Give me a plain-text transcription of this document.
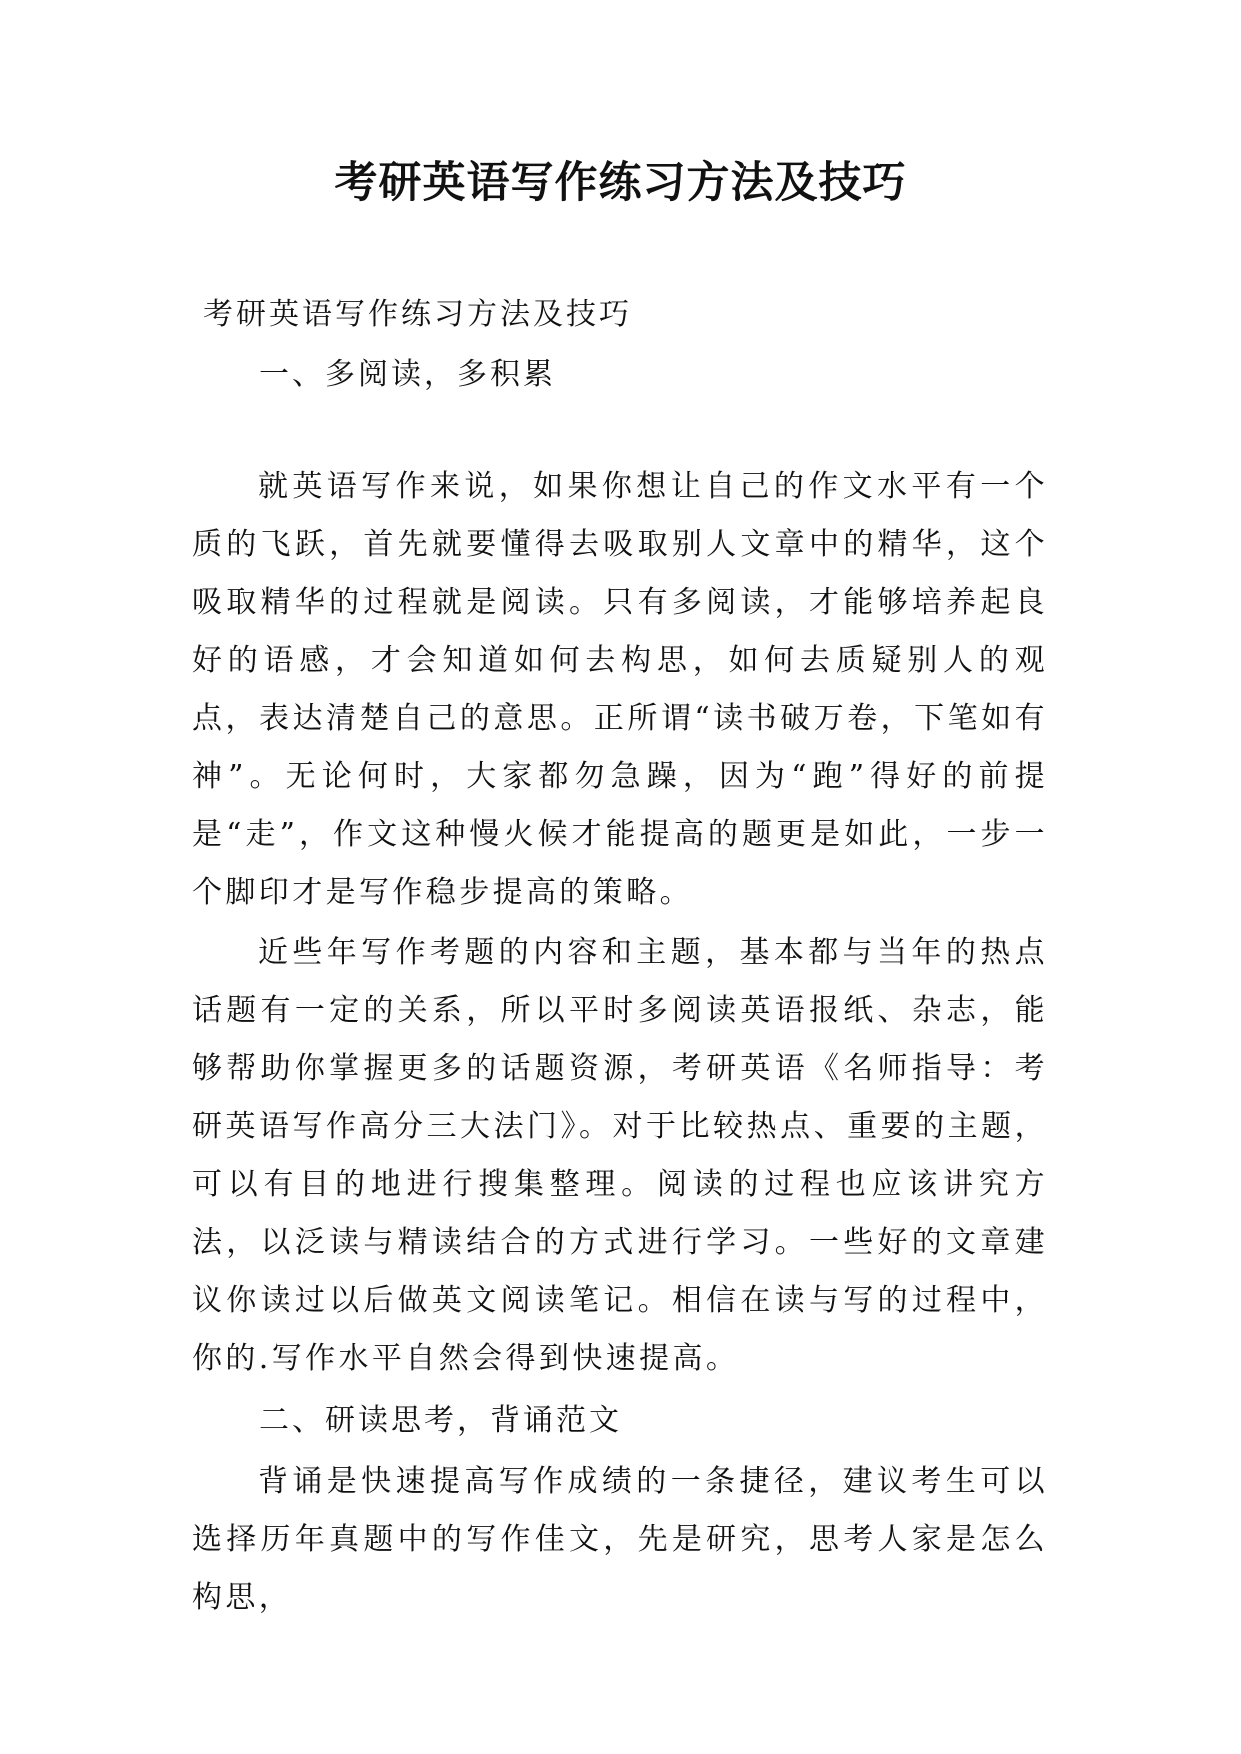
考研英语写作练习方法及技巧
考研英语写作练习方法及技巧
一、多阅读，多积累
就英语写作来说，如果你想让自己的作文水平有一个质的飞跃，首先就要懂得去吸取别人文章中的精华，这个吸取精华的过程就是阅读。只有多阅读，才能够培养起良好的语感，才会知道如何去构思，如何去质疑别人的观点，表达清楚自己的意思。正所谓“读书破万卷，下笔如有神”。无论何时，大家都勿急躁，因为“跑”得好的前提是“走”，作文这种慢火候才能提高的题更是如此，一步一个脚印才是写作稳步提高的策略。
近些年写作考题的内容和主题，基本都与当年的热点话题有一定的关系，所以平时多阅读英语报纸、杂志，能够帮助你掌握更多的话题资源，考研英语《名师指导：考研英语写作高分三大法门》。对于比较热点、重要的主题，可以有目的地进行搜集整理。阅读的过程也应该讲究方法，以泛读与精读结合的方式进行学习。一些好的文章建议你读过以后做英文阅读笔记。相信在读与写的过程中，你的.写作水平自然会得到快速提高。
二、研读思考，背诵范文
背诵是快速提高写作成绩的一条捷径，建议考生可以选择历年真题中的写作佳文，先是研究，思考人家是怎么构思，
